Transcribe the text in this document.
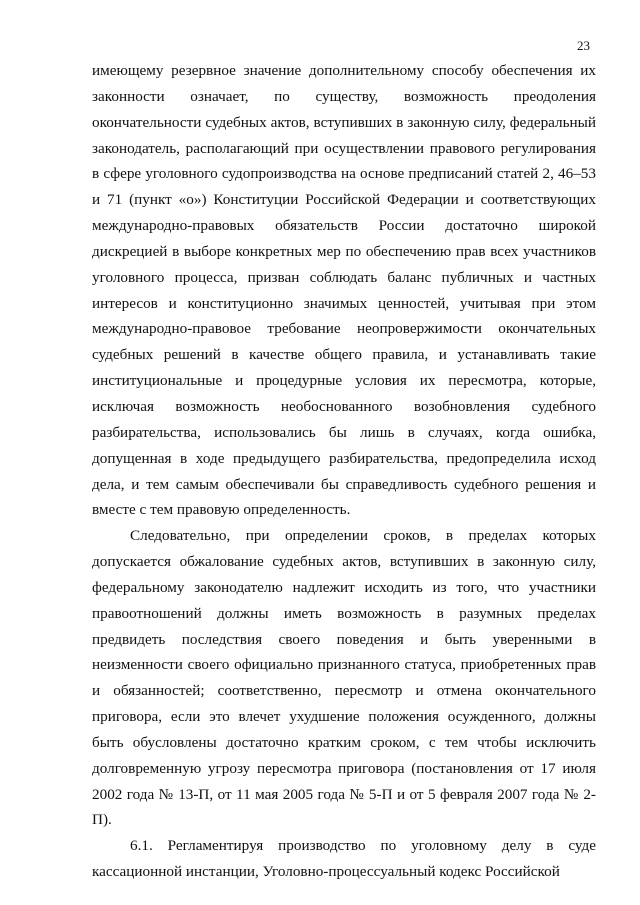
23

имеющему резервное значение дополнительному способу обеспечения их законности означает, по существу, возможность преодоления окончательности судебных актов, вступивших в законную силу, федеральный законодатель, располагающий при осуществлении правового регулирования в сфере уголовного судопроизводства на основе предписаний статей 2, 46–53 и 71 (пункт «о») Конституции Российской Федерации и соответствующих международно-правовых обязательств России достаточно широкой дискрецией в выборе конкретных мер по обеспечению прав всех участников уголовного процесса, призван соблюдать баланс публичных и частных интересов и конституционно значимых ценностей, учитывая при этом международно-правовое требование неопровержимости окончательных судебных решений в качестве общего правила, и устанавливать такие институциональные и процедурные условия их пересмотра, которые, исключая возможность необоснованного возобновления судебного разбирательства, использовались бы лишь в случаях, когда ошибка, допущенная в ходе предыдущего разбирательства, предопределила исход дела, и тем самым обеспечивали бы справедливость судебного решения и вместе с тем правовую определенность.

Следовательно, при определении сроков, в пределах которых допускается обжалование судебных актов, вступивших в законную силу, федеральному законодателю надлежит исходить из того, что участники правоотношений должны иметь возможность в разумных пределах предвидеть последствия своего поведения и быть уверенными в неизменности своего официально признанного статуса, приобретенных прав и обязанностей; соответственно, пересмотр и отмена окончательного приговора, если это влечет ухудшение положения осужденного, должны быть обусловлены достаточно кратким сроком, с тем чтобы исключить долговременную угрозу пересмотра приговора (постановления от 17 июля 2002 года № 13-П, от 11 мая 2005 года № 5-П и от 5 февраля 2007 года № 2-П).

6.1. Регламентируя производство по уголовному делу в суде кассационной инстанции, Уголовно-процессуальный кодекс Российской
